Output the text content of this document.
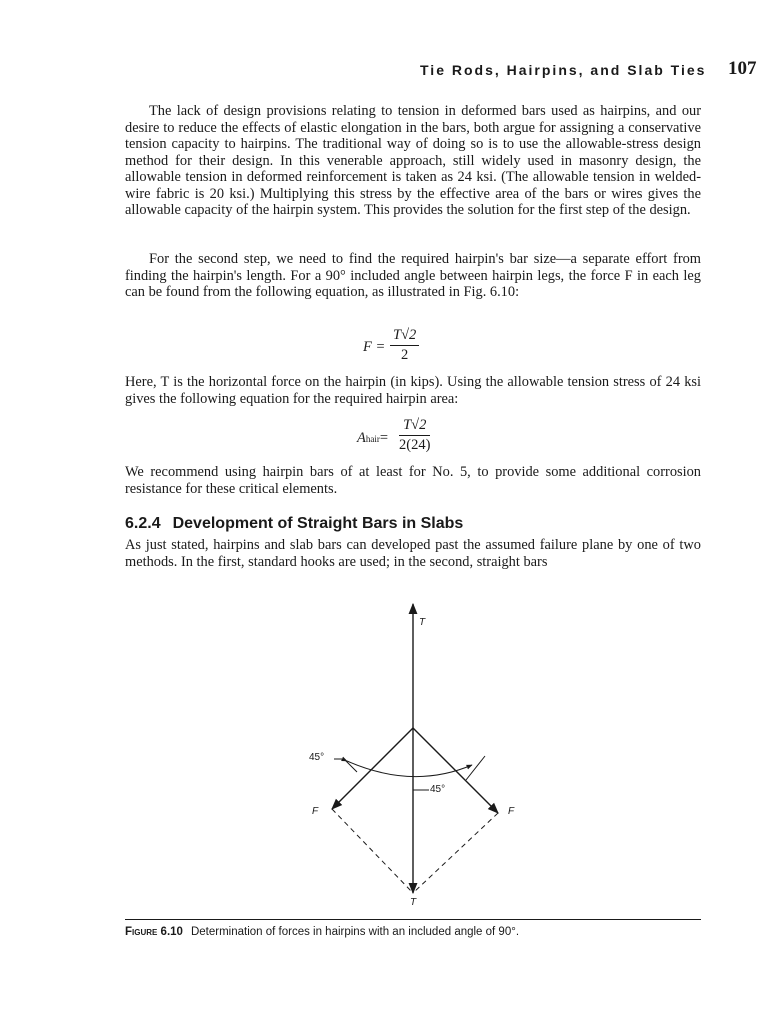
Tie Rods, Hairpins, and Slab Ties 107

The lack of design provisions relating to tension in deformed bars used as hairpins, and our desire to reduce the effects of elastic elongation in the bars, both argue for assigning a conservative tension capacity to hairpins. The traditional way of doing so is to use the allowable-stress design method for their design. In this venerable approach, still widely used in masonry design, the allowable tension in deformed reinforcement is taken as 24 ksi. (The allowable tension in welded-wire fabric is 20 ksi.) Multiplying this stress by the effective area of the bars or wires gives the allowable capacity of the hairpin system. This provides the solution for the first step of the design.

For the second step, we need to find the required hairpin's bar size—a separate effort from finding the hairpin's length. For a 90° included angle between hairpin legs, the force F in each leg can be found from the following equation, as illustrated in Fig. 6.10:

$F = \frac{T√2}{2}$

Here, T is the horizontal force on the hairpin (in kips). Using the allowable tension stress of 24 ksi gives the following equation for the required hairpin area:

Ahair= $\frac{T√2}{2(24)}$

We recommend using hairpin bars of at least for No. 5, to provide some additional corrosion resistance for these critical elements.

6.2.4 Development of Straight Bars in Slabs

As just stated, hairpins and slab bars can developed past the assumed failure plane by one of two methods. In the first, standard hooks are used; in the second, straight bars

T
T
F	F
45°
45°
Figure 6.10 Determination of forces in hairpins with an included angle of 90°.
